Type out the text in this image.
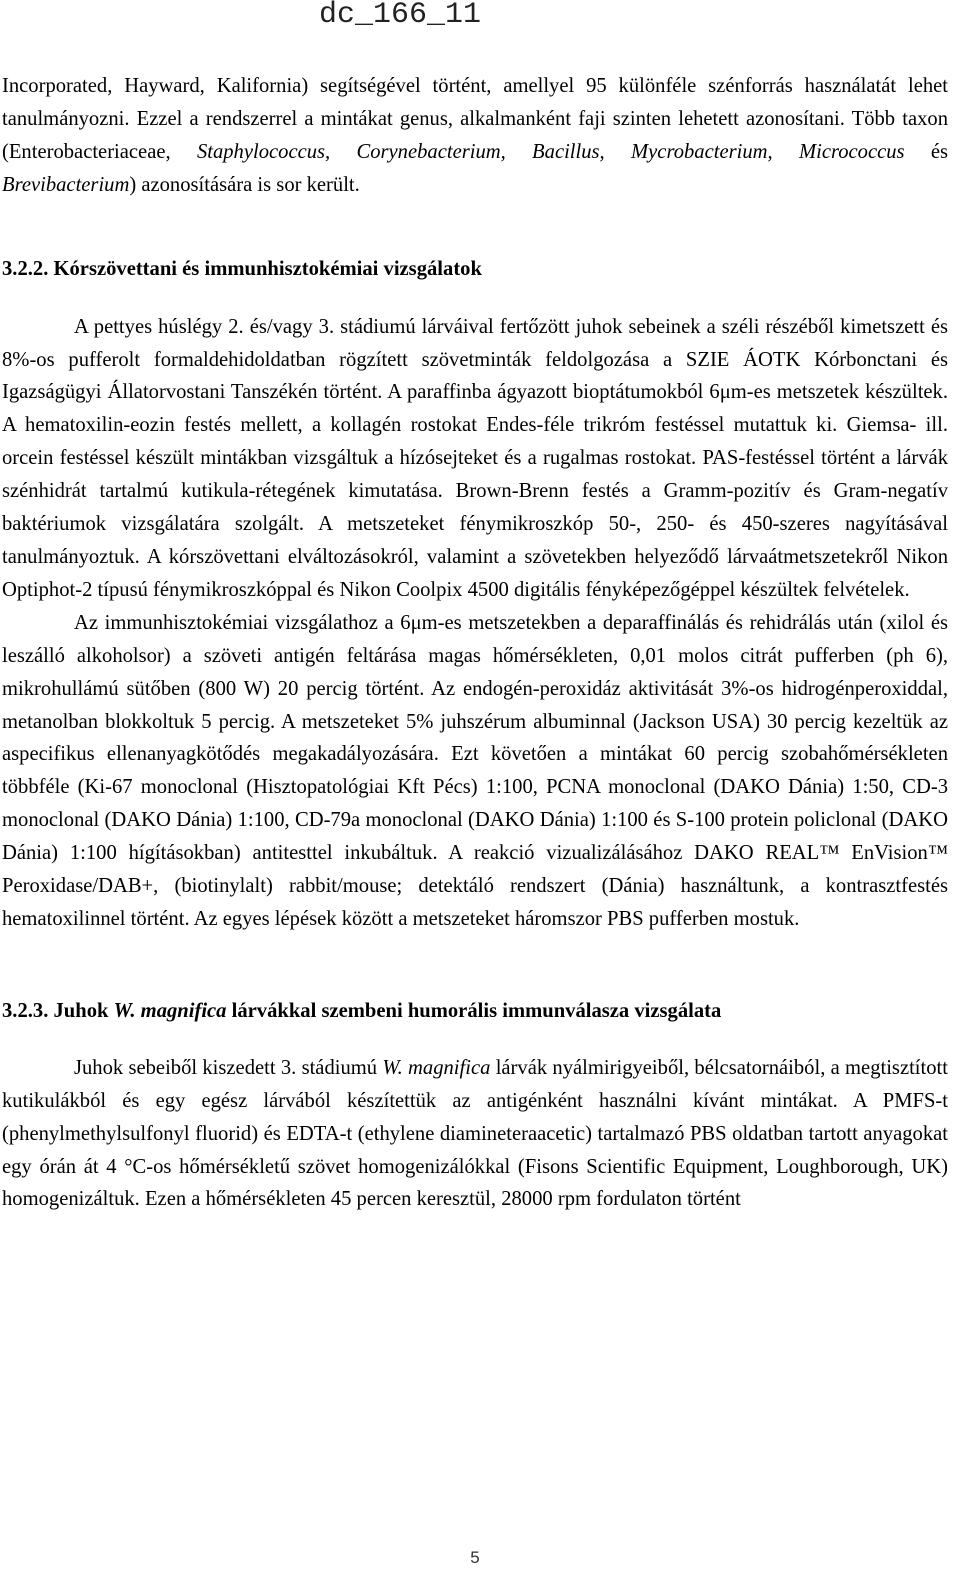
dc_166_11

Incorporated, Hayward, Kalifornia) segítségével történt, amellyel 95 különféle szénforrás használatát lehet tanulmányozni. Ezzel a rendszerrel a mintákat genus, alkalmanként faji szinten lehetett azonosítani. Több taxon (Enterobacteriaceae, Staphylococcus, Corynebacterium, Bacillus, Mycrobacterium, Micrococcus és Brevibacterium) azonosítására is sor került.

3.2.2. Kórszövettani és immunhisztokémiai vizsgálatok

A pettyes húslégy 2. és/vagy 3. stádiumú lárváival fertőzött juhok sebeinek a széli részéből kimetszett és 8%-os pufferolt formaldehidoldatban rögzített szövetminták feldolgozása a SZIE ÁOTK Kórbonctani és Igazságügyi Állatorvostani Tanszékén történt. A paraffinba ágyazott bioptátumokból 6μm-es metszetek készültek. A hematoxilin-eozin festés mellett, a kollagén rostokat Endes-féle trikróm festéssel mutattuk ki. Giemsa- ill. orcein festéssel készült mintákban vizsgáltuk a hízósejteket és a rugalmas rostokat. PAS-festéssel történt a lárvák szénhidrát tartalmú kutikula-rétegének kimutatása. Brown-Brenn festés a Gramm-pozitív és Gram-negatív baktériumok vizsgálatára szolgált. A metszeteket fénymikroszkóp 50-, 250- és 450-szeres nagyításával tanulmányoztuk. A kórszövettani elváltozásokról, valamint a szövetekben helyeződő lárvaátmetszetekről Nikon Optiphot-2 típusú fénymikroszkóppal és Nikon Coolpix 4500 digitális fényképezőgéppel készültek felvételek.

Az immunhisztokémiai vizsgálathoz a 6μm-es metszetekben a deparaffinálás és rehidrálás után (xilol és leszálló alkoholsor) a szöveti antigén feltárása magas hőmérsékleten, 0,01 molos citrát pufferben (ph 6), mikrohullámú sütőben (800 W) 20 percig történt. Az endogén-peroxidáz aktivitását 3%-os hidrogénperoxiddal, metanolban blokkoltuk 5 percig. A metszeteket 5% juhszérum albuminnal (Jackson USA) 30 percig kezeltük az aspecifikus ellenanyagkötődés megakadályozására. Ezt követően a mintákat 60 percig szobahőmérsékleten többféle (Ki-67 monoclonal (Hisztopatológiai Kft Pécs) 1:100, PCNA monoclonal (DAKO Dánia) 1:50, CD-3 monoclonal (DAKO Dánia) 1:100, CD-79a monoclonal (DAKO Dánia) 1:100 és S-100 protein policlonal (DAKO Dánia) 1:100 hígításokban) antitesttel inkubáltuk. A reakció vizualizálásához DAKO REAL™ EnVision™ Peroxidase/DAB+, (biotinylalt) rabbit/mouse; detektáló rendszert (Dánia) használtunk, a kontrasztfestés hematoxilinnel történt. Az egyes lépések között a metszeteket háromszor PBS pufferben mostuk.

3.2.3. Juhok W. magnifica lárvákkal szembeni humorális immunválasza vizsgálata

Juhok sebeiből kiszedett 3. stádiumú W. magnifica lárvák nyálmirigyeiből, bélcsatornáiból, a megtisztított kutikulákból és egy egész lárvából készítettük az antigénként használni kívánt mintákat. A PMFS-t (phenylmethylsulfonyl fluorid) és EDTA-t (ethylene diamineteraacetic) tartalmazó PBS oldatban tartott anyagokat egy órán át 4 °C-os hőmérsékletű szövet homogenizálókkal (Fisons Scientific Equipment, Loughborough, UK) homogenizáltuk. Ezen a hőmérsékleten 45 percen keresztül, 28000 rpm fordulaton történt

5
